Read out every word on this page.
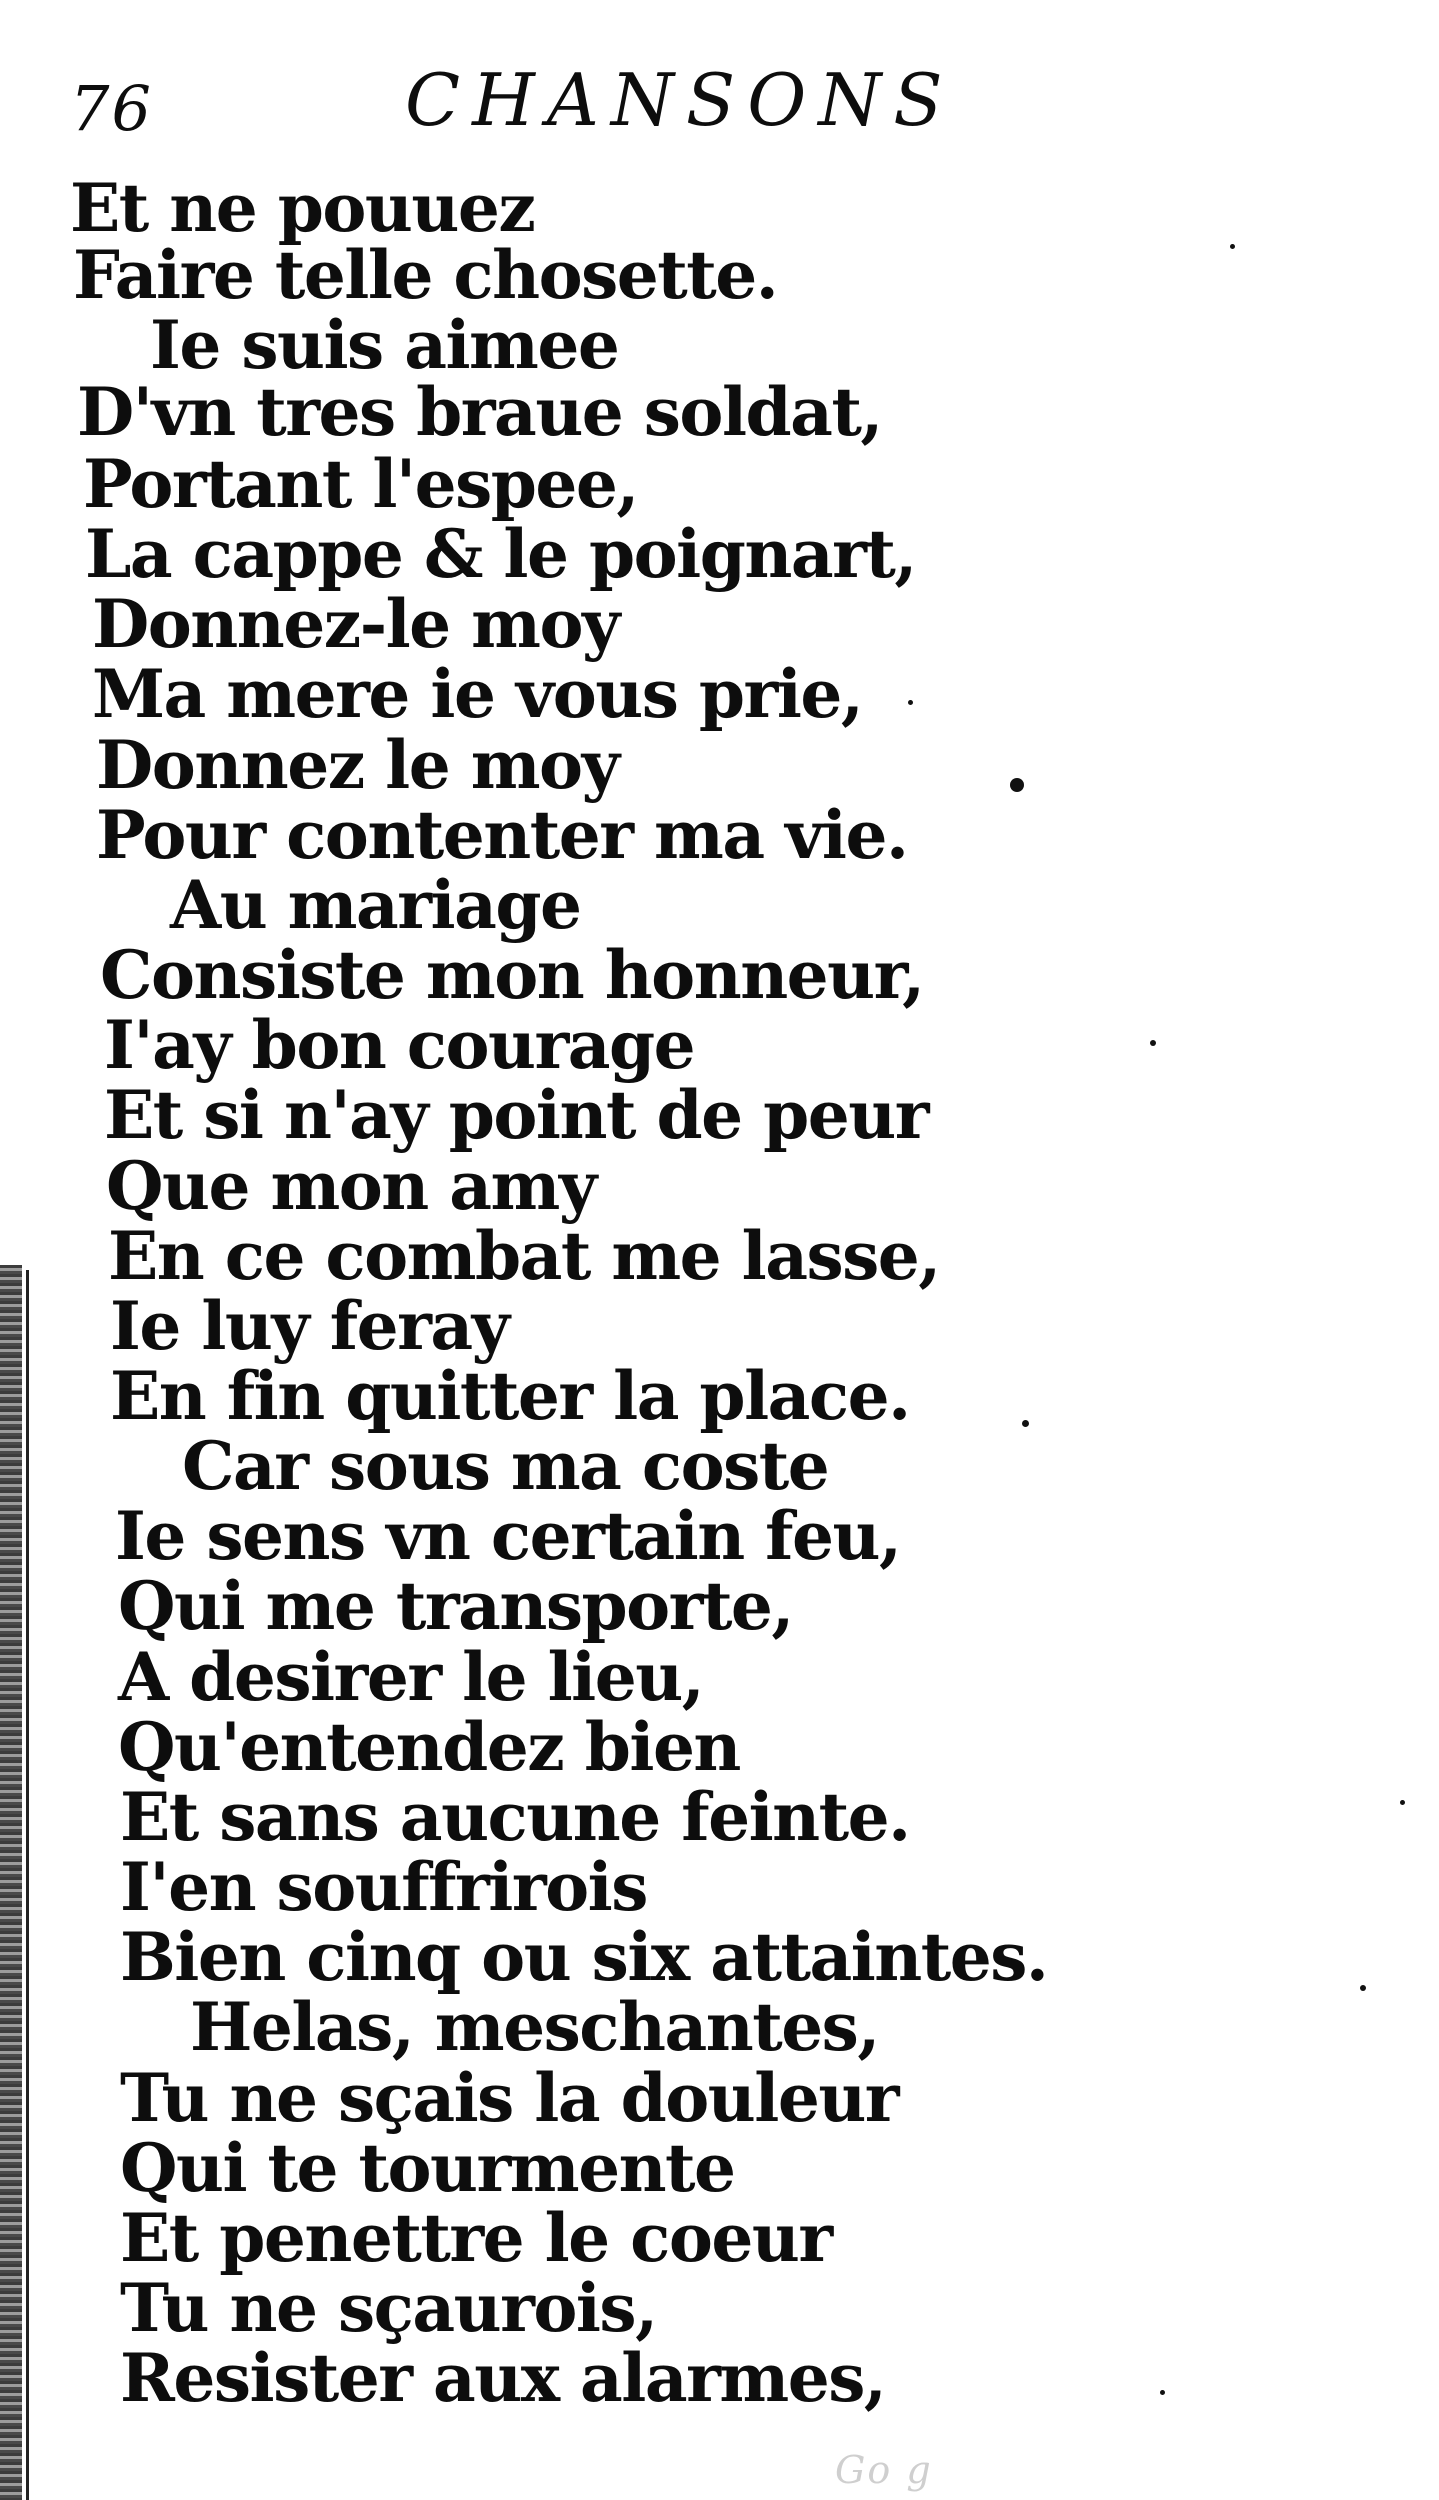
76	CHANSONS
Et ne pouuez
Faire telle chosette.
Ie suis aimee
D'vn tres braue soldat,
Portant l'espee,
La cappe & le poignart,
Donnez-le moy
Ma mere ie vous prie,
Donnez le moy
Pour contenter ma vie.
Au mariage
Consiste mon honneur,
I'ay bon courage
Et si n'ay point de peur
Que mon amy
En ce combat me lasse,
Ie luy feray
En fin quitter la place.
Car sous ma coste
Ie sens vn certain feu,
Qui me transporte,
A desirer le lieu,
Qu'entendez bien
Et sans aucune feinte.
I'en souffrirois
Bien cinq ou six attaintes.
Helas, meschantes,
Tu ne sçais la douleur
Qui te tourmente
Et penettre le coeur
Tu ne sçaurois,
Resister aux alarmes,
Go g
